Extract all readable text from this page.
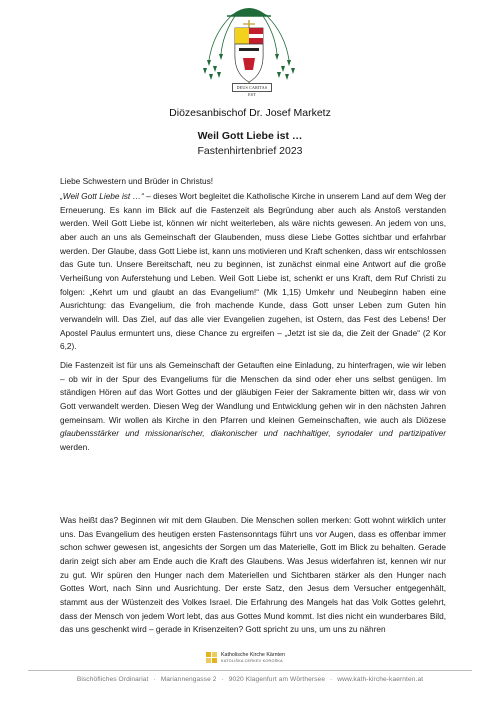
DEUS CARITAS EST
Diözesanbischof Dr. Josef Marketz
Weil Gott Liebe ist …
Fastenhirtenbrief 2023
Liebe Schwestern und Brüder in Christus!

„Weil Gott Liebe ist …“ – dieses Wort begleitet die Katholische Kirche in unserem Land auf dem Weg der Erneuerung. Es kann im Blick auf die Fastenzeit als Begründung aber auch als Anstoß verstanden werden. Weil Gott Liebe ist, können wir nicht weiterleben, als wäre nichts gewesen. An jedem von uns, aber auch an uns als Gemeinschaft der Glaubenden, muss diese Liebe Gottes sichtbar und erfahrbar werden. Der Glaube, dass Gott Liebe ist, kann uns motivieren und Kraft schenken, dass wir entschlossen das Gute tun. Unsere Bereitschaft, neu zu beginnen, ist zunächst einmal eine Antwort auf die große Verheißung von Auferstehung und Leben. Weil Gott Liebe ist, schenkt er uns Kraft, dem Ruf Christi zu folgen: „Kehrt um und glaubt an das Evangelium!“ (Mk 1,15) Umkehr und Neubeginn haben eine Ausrichtung: das Evangelium, die froh machende Kunde, dass Gott unser Leben zum Guten hin verwandeln will. Das Ziel, auf das alle vier Evangelien zugehen, ist Ostern, das Fest des Lebens! Der Apostel Paulus ermuntert uns, diese Chance zu ergreifen – „Jetzt ist sie da, die Zeit der Gnade“ (2 Kor 6,2).

Die Fastenzeit ist für uns als Gemeinschaft der Getauften eine Einladung, zu hinterfragen, wie wir leben – ob wir in der Spur des Evangeliums für die Menschen da sind oder eher uns selbst genügen. Im ständigen Hören auf das Wort Gottes und der gläubigen Feier der Sakramente bitten wir, dass wir von Gott verwandelt werden. Diesen Weg der Wandlung und Entwicklung gehen wir in den nächsten Jahren gemeinsam. Wir wollen als Kirche in den Pfarren und kleinen Gemeinschaften, wie auch als Diözese glaubensstärker und missionarischer, diakonischer und nachhaltiger, synodaler und partizipativer werden.

Was heißt das? Beginnen wir mit dem Glauben. Die Menschen sollen merken: Gott wohnt wirklich unter uns. Das Evangelium des heutigen ersten Fastensonntags führt uns vor Augen, dass es offenbar immer schon schwer gewesen ist, angesichts der Sorgen um das Materielle, Gott im Blick zu behalten. Gerade darin zeigt sich aber am Ende auch die Kraft des Glaubens. Was Jesus widerfahren ist, kennen wir nur zu gut. Wir spüren den Hunger nach dem Materiellen und Sichtbaren stärker als den Hunger nach Gottes Wort, nach Sinn und Ausrichtung. Der erste Satz, den Jesus dem Versucher entgegenhält, stammt aus der Wüstenzeit des Volkes Israel. Die Erfahrung des Mangels hat das Volk Gottes gelehrt, dass der Mensch von jedem Wort lebt, das aus Gottes Mund kommt. Ist dies nicht ein wunderbares Bild, das uns geschenkt wird – gerade in Krisenzeiten? Gott spricht zu uns, um uns zu nähren

Katholische Kirche Kärnten
KATOLIŠKA CERKEV KOROŠKA
Bischöfliches Ordinariat · Mariannengasse 2 · 9020 Klagenfurt am Wörthersee · www.kath-kirche-kaernten.at
